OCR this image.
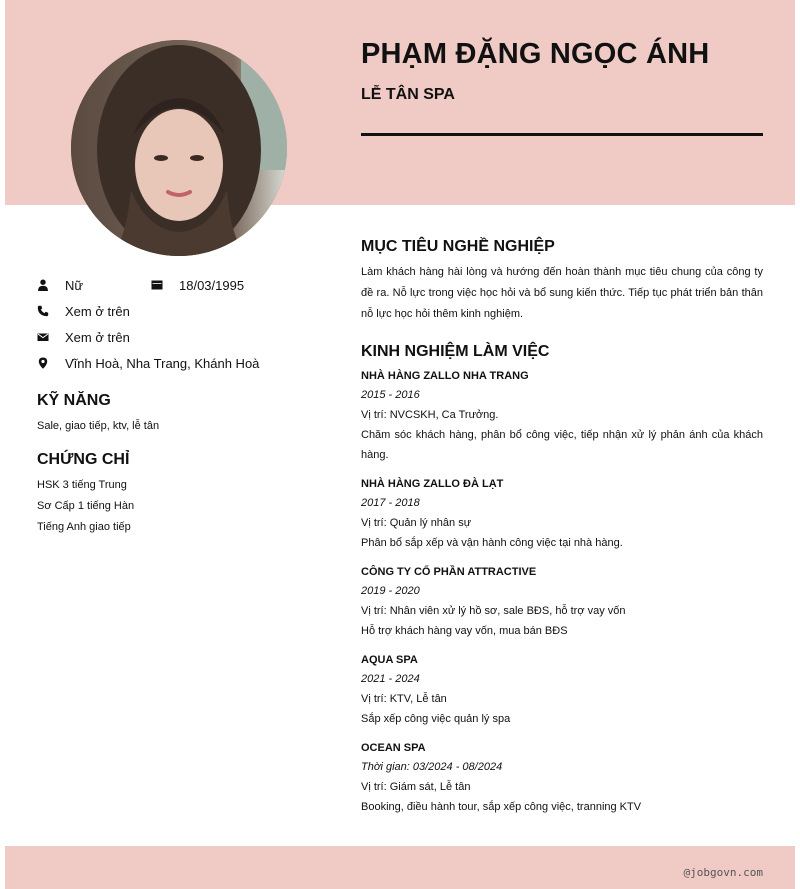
PHẠM ĐẶNG NGỌC ÁNH
LỄ TÂN SPA
Nữ	18/03/1995
Xem ở trên
Xem ở trên
Vĩnh Hoà, Nha Trang, Khánh Hoà
KỸ NĂNG
Sale, giao tiếp, ktv, lễ tân
CHỨNG CHỈ
HSK 3 tiếng Trung
Sơ Cấp 1 tiếng Hàn
Tiếng Anh giao tiếp
MỤC TIÊU NGHỀ NGHIỆP

Làm khách hàng hài lòng và hướng đến hoàn thành mục tiêu chung của công ty đề ra. Nỗ lực trong việc học hỏi và bổ sung kiến thức. Tiếp tục phát triển bản thân nỗ lực học hỏi thêm kinh nghiệm.

KINH NGHIỆM LÀM VIỆC
NHÀ HÀNG ZALLO NHA TRANG
2015 - 2016
Vị trí: NVCSKH, Ca Trưởng.
Chăm sóc khách hàng, phân bổ công việc, tiếp nhận xử lý phản ánh của khách hàng.
NHÀ HÀNG ZALLO ĐÀ LẠT
2017 - 2018
Vị trí: Quản lý nhân sự
Phân bổ sắp xếp và vận hành công việc tại nhà hàng.
CÔNG TY CỔ PHẦN ATTRACTIVE
2019 - 2020
Vị trí: Nhân viên xử lý hồ sơ, sale BĐS, hỗ trợ vay vốn
Hỗ trợ khách hàng vay vốn, mua bán BĐS
AQUA SPA
2021 - 2024
Vị trí: KTV, Lễ tân
Sắp xếp công việc quản lý spa
OCEAN SPA
Thời gian: 03/2024 - 08/2024
Vị trí: Giám sát, Lễ tân
Booking, điều hành tour, sắp xếp công việc, tranning KTV
@jobgovn.com
